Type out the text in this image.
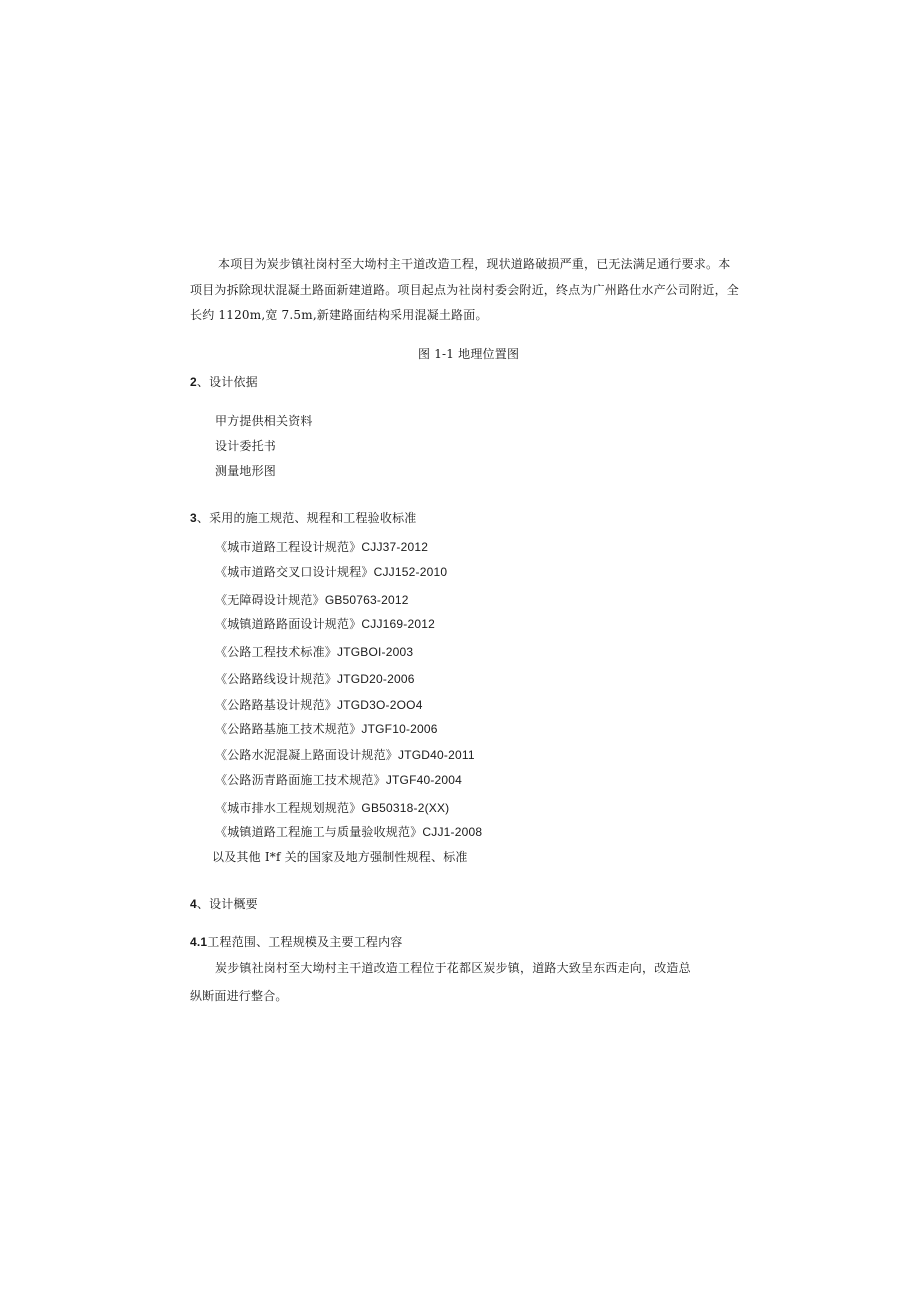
本项目为炭步镇社岗村至大坳村主干道改造工程，现状道路破损严重，已无法满足通行要求。本
项目为拆除现状混凝土路面新建道路。项目起点为社岗村委会附近，终点为广州路仕水产公司附近，全
长约 1120m,宽 7.5m,新建路面结构采用混凝土路面。
图 1-1 地理位置图
2、设计依据
甲方提供相关资料
设计委托书
测量地形图
3、采用的施工规范、规程和工程验收标准
《城市道路工程设计规范》CJJ37-2012
《城市道路交叉口设计规程》CJJ152-2010
《无障碍设计规范》GB50763-2012
《城镇道路路面设计规范》CJJ169-2012
《公路工程技术标准》JTGBOI-2003
《公路路线设计规范》JTGD20-2006
《公路路基设计规范》JTGD3O-2OO4
《公路路基施工技术规范》JTGF10-2006
《公路水泥混凝上路面设计规范》JTGD40-2011
《公路沥青路面施工技术规范》JTGF40-2004
《城市排水工程规划规范》GB50318-2(XX)
《城镇道路工程施工与质量验收规范》CJJ1-2008
以及其他 I*f 关的国家及地方强制性规程、标准
4、设计概要
4.1工程范围、工程规模及主要工程内容
炭步镇社岗村至大坳村主干道改造工程位于花都区炭步镇，道路大致呈东西走向，改造总
纵断面进行整合。
